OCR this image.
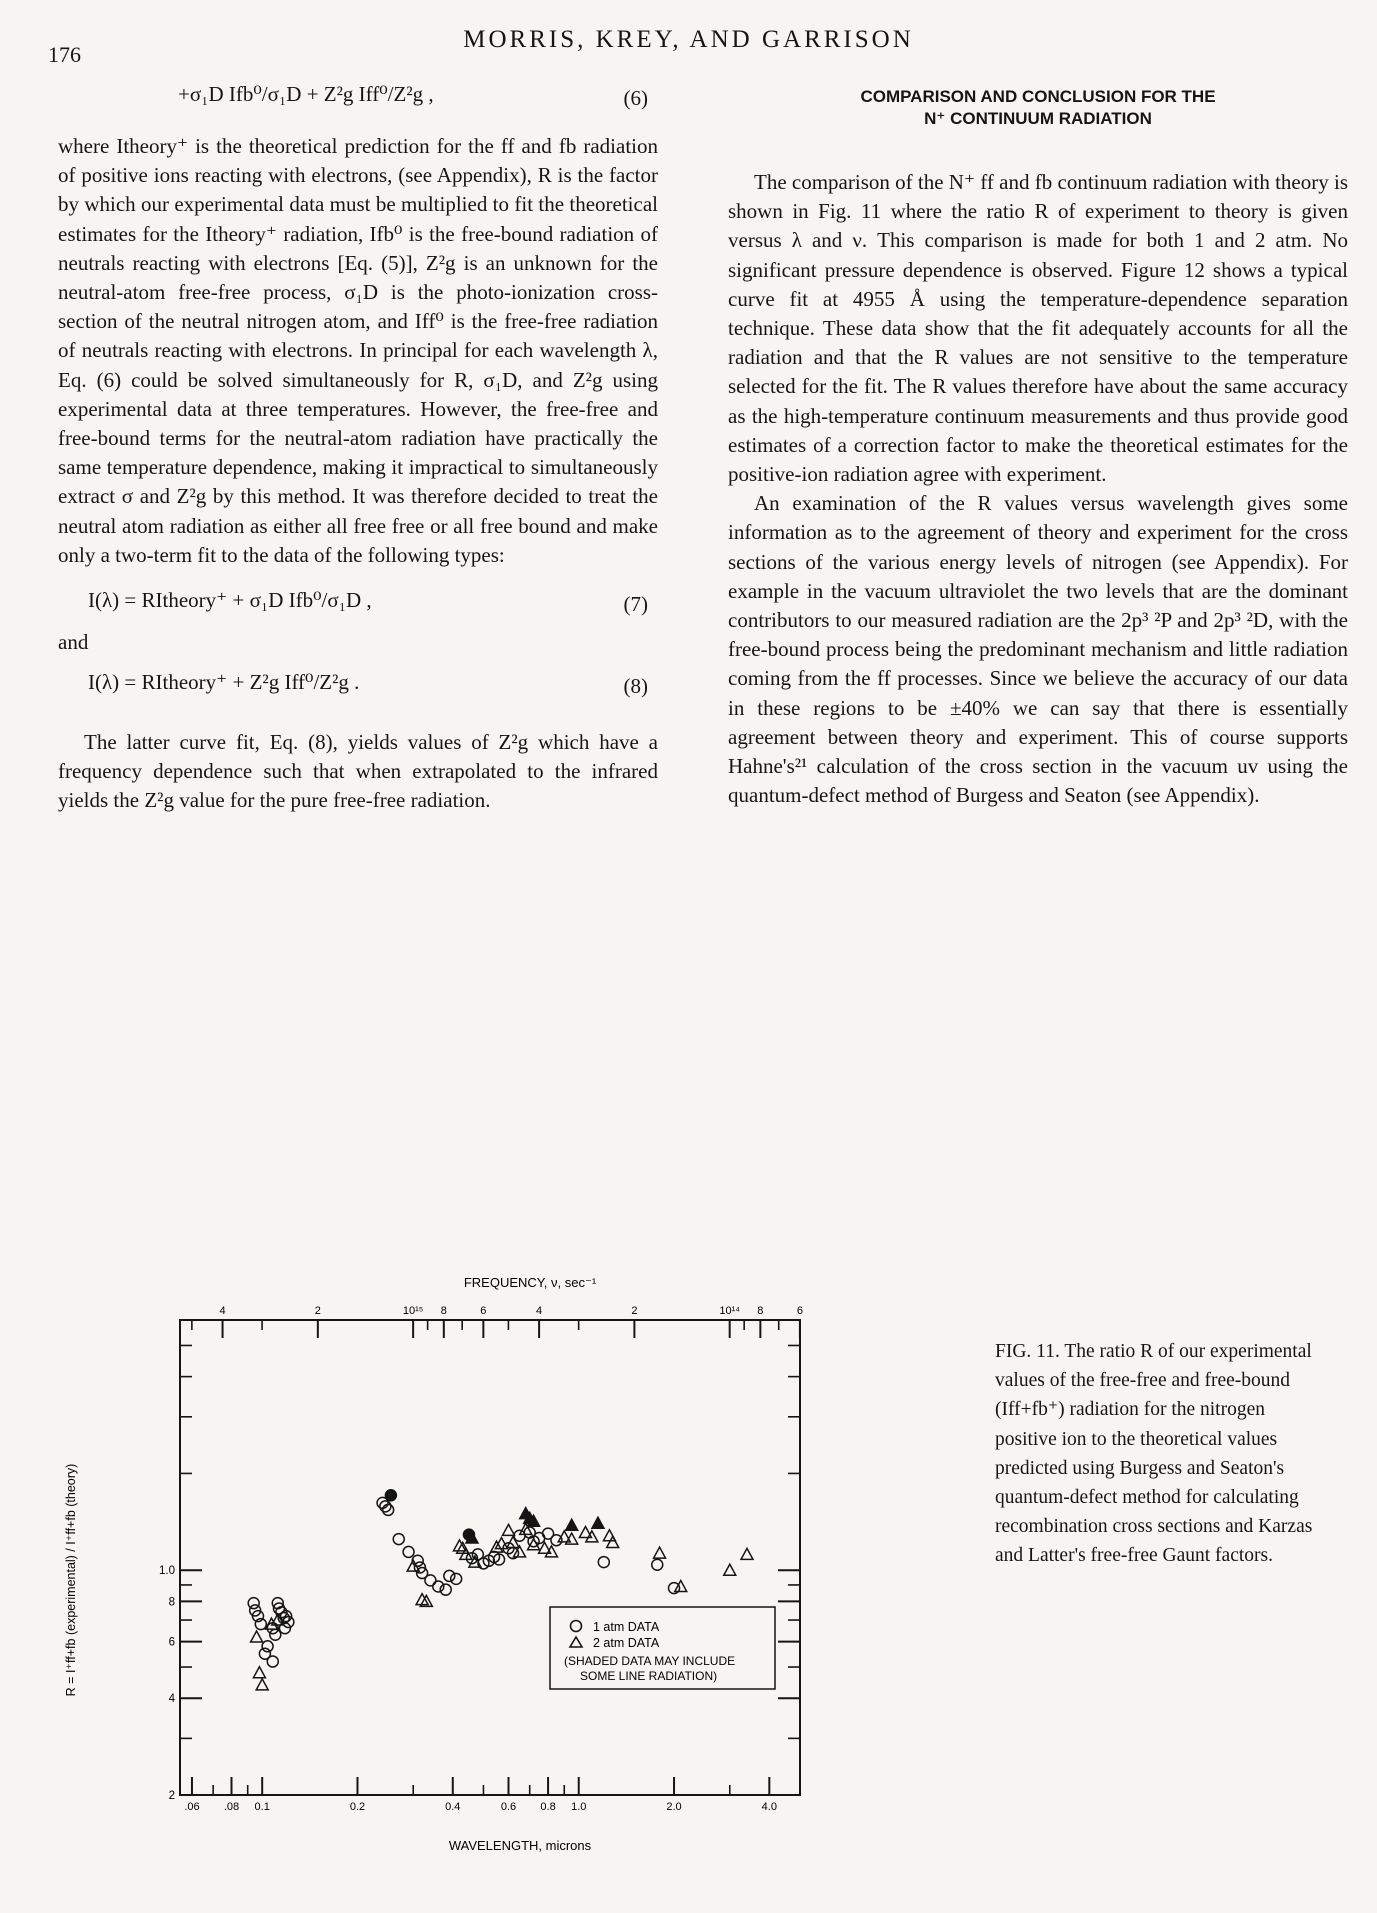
176
MORRIS, KREY, AND GARRISON
+σ₁D Ifb⁰/σ₁D + Z²g Iff⁰/Z²g ,	(6)

where Itheory⁺ is the theoretical prediction for the ff and fb radiation of positive ions reacting with electrons, (see Appendix), R is the factor by which our experimental data must be multiplied to fit the theoretical estimates for the Itheory⁺ radiation, Ifb⁰ is the free-bound radiation of neutrals reacting with electrons [Eq. (5)], Z²g is an unknown for the neutral-atom free-free process, σ₁D is the photo-ionization cross-section of the neutral nitrogen atom, and Iff⁰ is the free-free radiation of neutrals reacting with electrons. In principal for each wavelength λ, Eq. (6) could be solved simultaneously for R, σ₁D, and Z²g using experimental data at three temperatures. However, the free-free and free-bound terms for the neutral-atom radiation have practically the same temperature dependence, making it impractical to simultaneously extract σ and Z²g by this method. It was therefore decided to treat the neutral atom radiation as either all free free or all free bound and make only a two-term fit to the data of the following types:

I(λ) = RItheory⁺ + σ₁D Ifb⁰/σ₁D ,	(7)
and
I(λ) = RItheory⁺ + Z²g Iff⁰/Z²g .	(8)

The latter curve fit, Eq. (8), yields values of Z²g which have a frequency dependence such that when extrapolated to the infrared yields the Z²g value for the pure free-free radiation.

COMPARISON AND CONCLUSION FOR THE
N⁺ CONTINUUM RADIATION

The comparison of the N⁺ ff and fb continuum radiation with theory is shown in Fig. 11 where the ratio R of experiment to theory is given versus λ and ν. This comparison is made for both 1 and 2 atm. No significant pressure dependence is observed. Figure 12 shows a typical curve fit at 4955 Å using the temperature-dependence separation technique. These data show that the fit adequately accounts for all the radiation and that the R values are not sensitive to the temperature selected for the fit. The R values therefore have about the same accuracy as the high-temperature continuum measurements and thus provide good estimates of a correction factor to make the theoretical estimates for the positive-ion radiation agree with experiment.

An examination of the R values versus wavelength gives some information as to the agreement of theory and experiment for the cross sections of the various energy levels of nitrogen (see Appendix). For example in the vacuum ultraviolet the two levels that are the dominant contributors to our measured radiation are the 2p³ ²P and 2p³ ²D, with the free-bound process being the predominant mechanism and little radiation coming from the ff processes. Since we believe the accuracy of our data in these regions to be ±40% we can say that there is essentially agreement between theory and experiment. This of course supports Hahne's²¹ calculation of the cross section in the vacuum uv using the quantum-defect method of Burgess and Seaton (see Appendix).

.06 .08 0.1	0.2	0.4	0.6 0.8 1.0	2.0	4.0
4	2	10¹⁵ 8	6	4	2	10¹⁴ 8	6
2
4
6
8
1.0
1 atm DATA
2 atm DATA
(SHADED DATA MAY INCLUDE
SOME LINE RADIATION)
FREQUENCY, ν, sec⁻¹
WAVELENGTH, microns
R = I⁺ff+fb (experimental) / I⁺ff+fb (theory)
FIG. 11. The ratio R of our experimental values of the free-free and free-bound (Iff+fb⁺) radiation for the nitrogen positive ion to the theoretical values predicted using Burgess and Seaton's quantum-defect method for calculating recombination cross sections and Karzas and Latter's free-free Gaunt factors.
